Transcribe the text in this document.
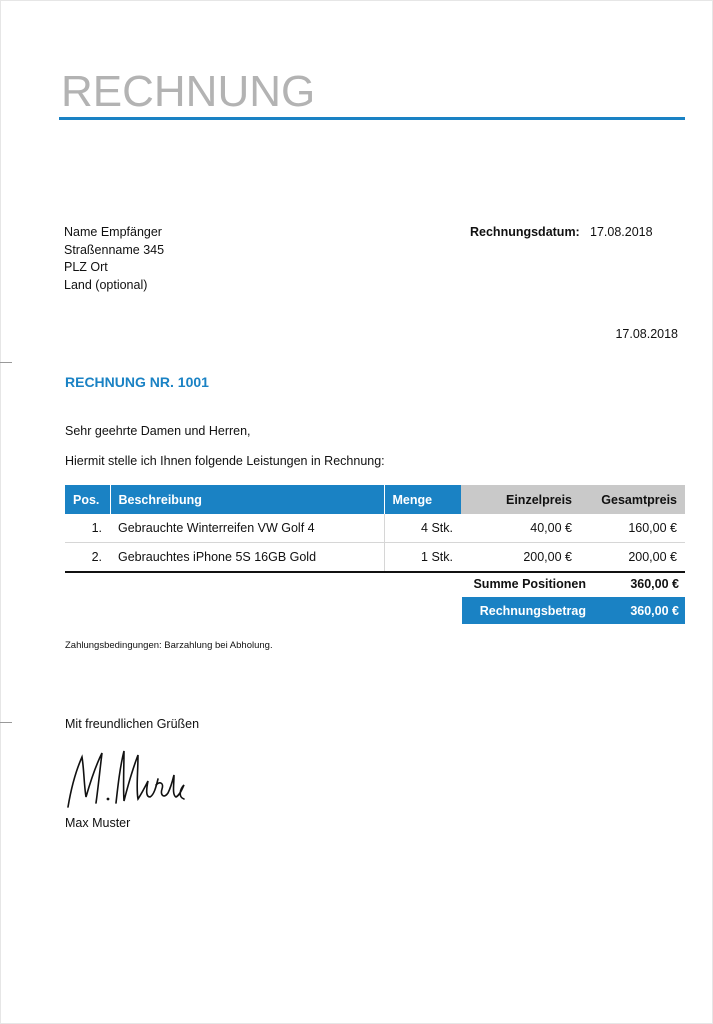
RECHNUNG
Name Empfänger
Straßenname 345
PLZ Ort
Land (optional)
Rechnungsdatum: 17.08.2018
17.08.2018
RECHNUNG NR. 1001
Sehr geehrte Damen und Herren,
Hiermit stelle ich Ihnen folgende Leistungen in Rechnung:
Pos.	Beschreibung	Menge	Einzelpreis	Gesamtpreis
1.	Gebrauchte Winterreifen VW Golf 4	4 Stk.	40,00 €	160,00 €
2.	Gebrauchtes iPhone 5S 16GB Gold	1 Stk.	200,00 €	200,00 €
Summe Positionen	360,00 €
Rechnungsbetrag	360,00 €
Zahlungsbedingungen: Barzahlung bei Abholung.
Mit freundlichen Grüßen
Max Muster
